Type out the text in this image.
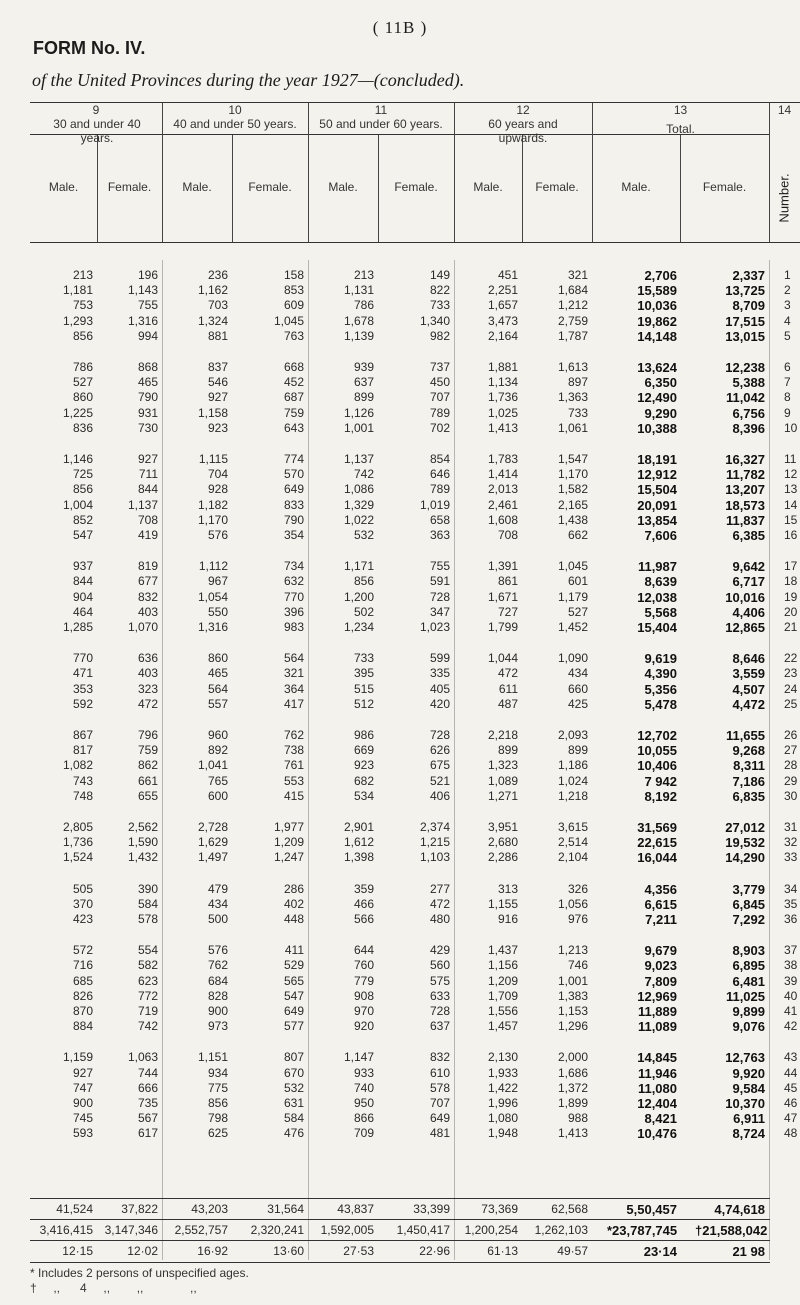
( 11B )
FORM No. IV.
of the United Provinces during the year 1927—(concluded).
9	10	11	12	13	14
30 and under 40 years.
40 and under 50 years. 50 and under 60 years.	60 years and upwards.
Total.
Male.	Female.	Male.	Female.	Male.	Female.	Male.	Female.	Male.	Female.	Number.
213	196	236	158	213	149	451	321	2,706	2,337 1
1,181	1,143	1,162	853	1,131	822	2,251	1,684	15,589	13,725 2
753	755	703	609	786	733	1,657	1,212	10,036	8,709 3
1,293	1,316	1,324	1,045	1,678	1,340	3,473	2,759	19,862	17,515 4
856	994	881	763	1,139	982	2,164	1,787	14,148	13,015 5
786	868	837	668	939	737	1,881	1,613	13,624	12,238 6
527	465	546	452	637	450	1,134	897	6,350	5,388 7
860	790	927	687	899	707	1,736	1,363	12,490	11,042 8
1,225	931	1,158	759	1,126	789	1,025	733	9,290	6,756 9
836	730	923	643	1,001	702	1,413	1,061	10,388	8,396 10
1,146	927	1,115	774	1,137	854	1,783	1,547	18,191	16,327 11
725	711	704	570	742	646	1,414	1,170	12,912	11,782 12
856	844	928	649	1,086	789	2,013	1,582	15,504	13,207 13
1,004	1,137	1,182	833	1,329	1,019	2,461	2,165	20,091	18,573 14
852	708	1,170	790	1,022	658	1,608	1,438	13,854	11,837 15
547	419	576	354	532	363	708	662	7,606	6,385 16
937	819	1,112	734	1,171	755	1,391	1,045	11,987	9,642 17
844	677	967	632	856	591	861	601	8,639	6,717 18
904	832	1,054	770	1,200	728	1,671	1,179	12,038	10,016 19
464	403	550	396	502	347	727	527	5,568	4,406 20
1,285	1,070	1,316	983	1,234	1,023	1,799	1,452	15,404	12,865 21
770	636	860	564	733	599	1,044	1,090	9,619	8,646 22
471	403	465	321	395	335	472	434	4,390	3,559 23
353	323	564	364	515	405	611	660	5,356	4,507 24
592	472	557	417	512	420	487	425	5,478	4,472 25
867	796	960	762	986	728	2,218	2,093	12,702	11,655 26
817	759	892	738	669	626	899	899	10,055	9,268 27
1,082	862	1,041	761	923	675	1,323	1,186	10,406	8,311 28
743	661	765	553	682	521	1,089	1,024	7 942	7,186 29
748	655	600	415	534	406	1,271	1,218	8,192	6,835 30
2,805	2,562	2,728	1,977	2,901	2,374	3,951	3,615	31,569	27,012 31
1,736	1,590	1,629	1,209	1,612	1,215	2,680	2,514	22,615	19,532 32
1,524	1,432	1,497	1,247	1,398	1,103	2,286	2,104	16,044	14,290 33
505	390	479	286	359	277	313	326	4,356	3,779 34
370	584	434	402	466	472	1,155	1,056	6,615	6,845 35
423	578	500	448	566	480	916	976	7,211	7,292 36
572	554	576	411	644	429	1,437	1,213	9,679	8,903 37
716	582	762	529	760	560	1,156	746	9,023	6,895 38
685	623	684	565	779	575	1,209	1,001	7,809	6,481 39
826	772	828	547	908	633	1,709	1,383	12,969	11,025 40
870	719	900	649	970	728	1,556	1,153	11,889	9,899 41
884	742	973	577	920	637	1,457	1,296	11,089	9,076 42
1,159	1,063	1,151	807	1,147	832	2,130	2,000	14,845	12,763 43
927	744	934	670	933	610	1,933	1,686	11,946	9,920 44
747	666	775	532	740	578	1,422	1,372	11,080	9,584 45
900	735	856	631	950	707	1,996	1,899	12,404	10,370 46
745	567	798	584	866	649	1,080	988	8,421	6,911 47
593	617	625	476	709	481	1,948	1,413	10,476	8,724 48
41,524	37,822	43,203	31,564	43,837	33,399	73,369	62,568	5,50,457	4,74,618
3,416,415 3,147,346	2,552,757	2,320,241	1,592,005	1,450,417	1,200,254	1,262,103 *23,787,745 †21,588,042
12·15	12·02	16·92	13·60	27·53	22·96	61·13	49·57	23·14	21 98
* Includes 2 persons of unspecified ages.
†     ,,      4     ,,        ,,              ,,
